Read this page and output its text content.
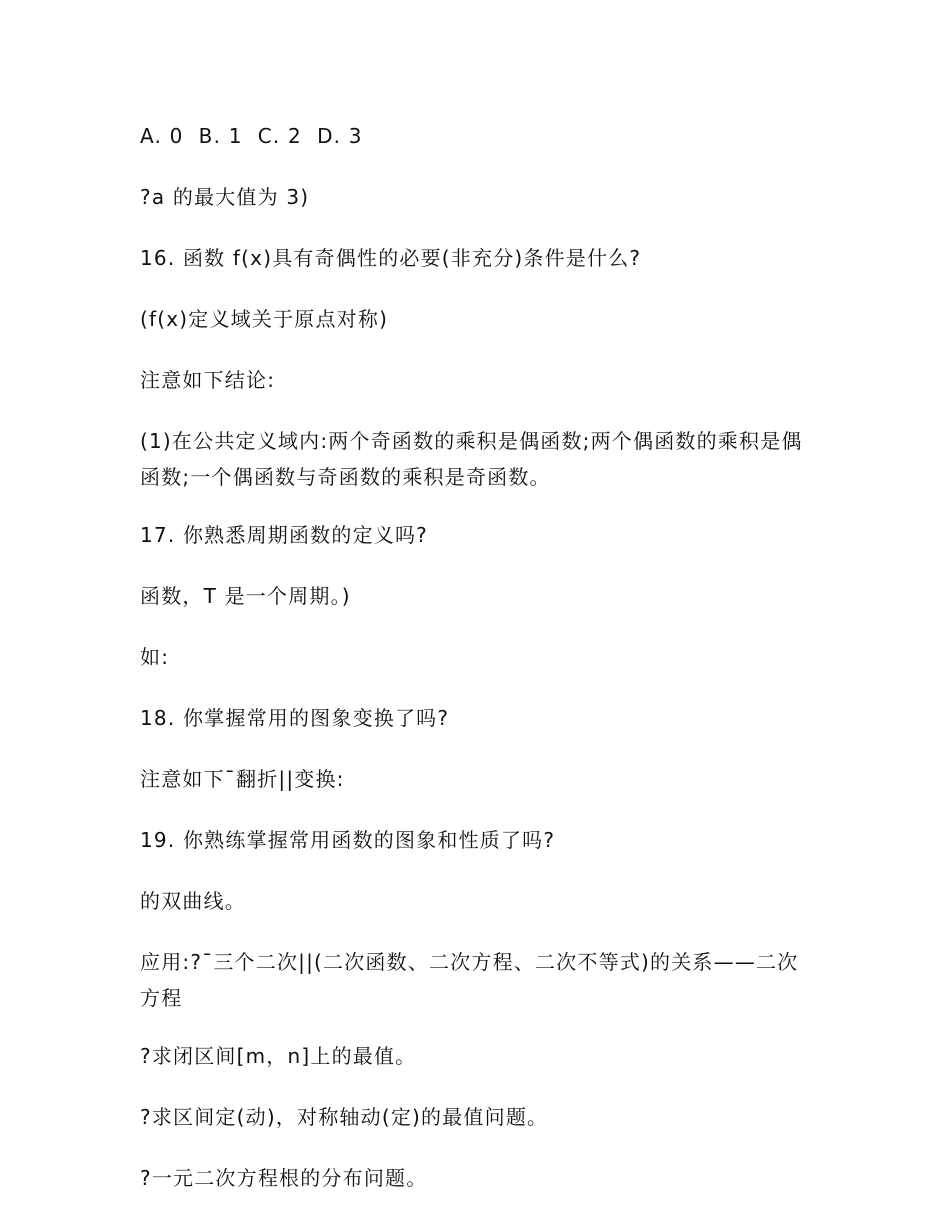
A. 0  B. 1  C. 2  D. 3

?a 的最大值为 3)

16. 函数 f(x)具有奇偶性的必要(非充分)条件是什么?

(f(x)定义域关于原点对称)

注意如下结论:

(1)在公共定义域内:两个奇函数的乘积是偶函数;两个偶函数的乘积是偶函数;一个偶函数与奇函数的乘积是奇函数。

17. 你熟悉周期函数的定义吗?

函数，T 是一个周期。)

如:

18. 你掌握常用的图象变换了吗?

注意如下¯翻折||变换:

19. 你熟练掌握常用函数的图象和性质了吗?

的双曲线。

应用:?¯三个二次||(二次函数、二次方程、二次不等式)的关系——二次方程

?求闭区间[m，n]上的最值。

?求区间定(动)，对称轴动(定)的最值问题。

?一元二次方程根的分布问题。
